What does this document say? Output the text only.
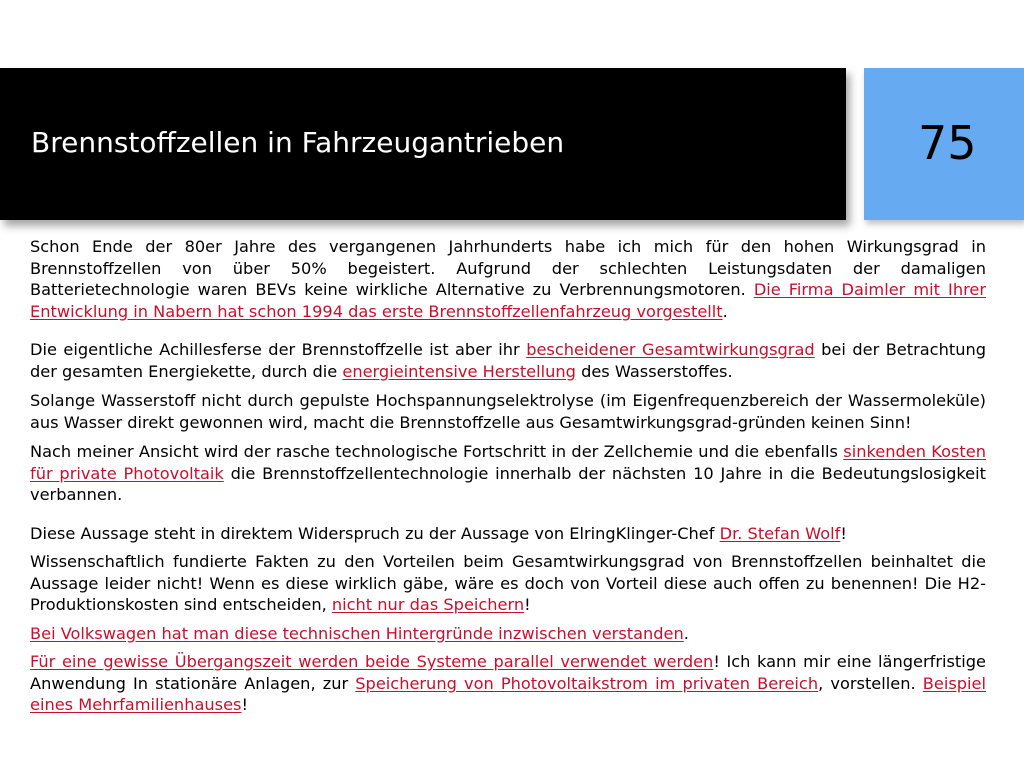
Brennstoffzellen in Fahrzeugantrieben	75

Schon Ende der 80er Jahre des vergangenen Jahrhunderts habe ich mich für den hohen Wirkungsgrad in Brennstoffzellen von über 50% begeistert. Aufgrund der schlechten Leistungsdaten der damaligen Batterietechnologie waren BEVs keine wirkliche Alternative zu Verbrennungsmotoren. Die Firma Daimler mit Ihrer Entwicklung in Nabern hat schon 1994 das erste Brennstoffzellenfahrzeug vorgestellt.

Die eigentliche Achillesferse der Brennstoffzelle ist aber ihr bescheidener Gesamtwirkungsgrad bei der Betrachtung der gesamten Energiekette, durch die energieintensive Herstellung des Wasserstoffes.

Solange Wasserstoff nicht durch gepulste Hochspannungselektrolyse (im Eigenfrequenzbereich der Wassermoleküle) aus Wasser direkt gewonnen wird, macht die Brennstoffzelle aus Gesamtwirkungsgrad-gründen keinen Sinn!

Nach meiner Ansicht wird der rasche technologische Fortschritt in der Zellchemie und die ebenfalls sinkenden Kosten für private Photovoltaik die Brennstoffzellentechnologie innerhalb der nächsten 10 Jahre in die Bedeutungslosigkeit verbannen.

Diese Aussage steht in direktem Widerspruch zu der Aussage von ElringKlinger-Chef Dr. Stefan Wolf!

Wissenschaftlich fundierte Fakten zu den Vorteilen beim Gesamtwirkungsgrad von Brennstoffzellen beinhaltet die Aussage leider nicht! Wenn es diese wirklich gäbe, wäre es doch von Vorteil diese auch offen zu benennen! Die H2-Produktionskosten sind entscheiden, nicht nur das Speichern!

Bei Volkswagen hat man diese technischen Hintergründe inzwischen verstanden.

Für eine gewisse Übergangszeit werden beide Systeme parallel verwendet werden! Ich kann mir eine längerfristige Anwendung In stationäre Anlagen, zur Speicherung von Photovoltaikstrom im privaten Bereich, vorstellen. Beispiel eines Mehrfamilienhauses!
